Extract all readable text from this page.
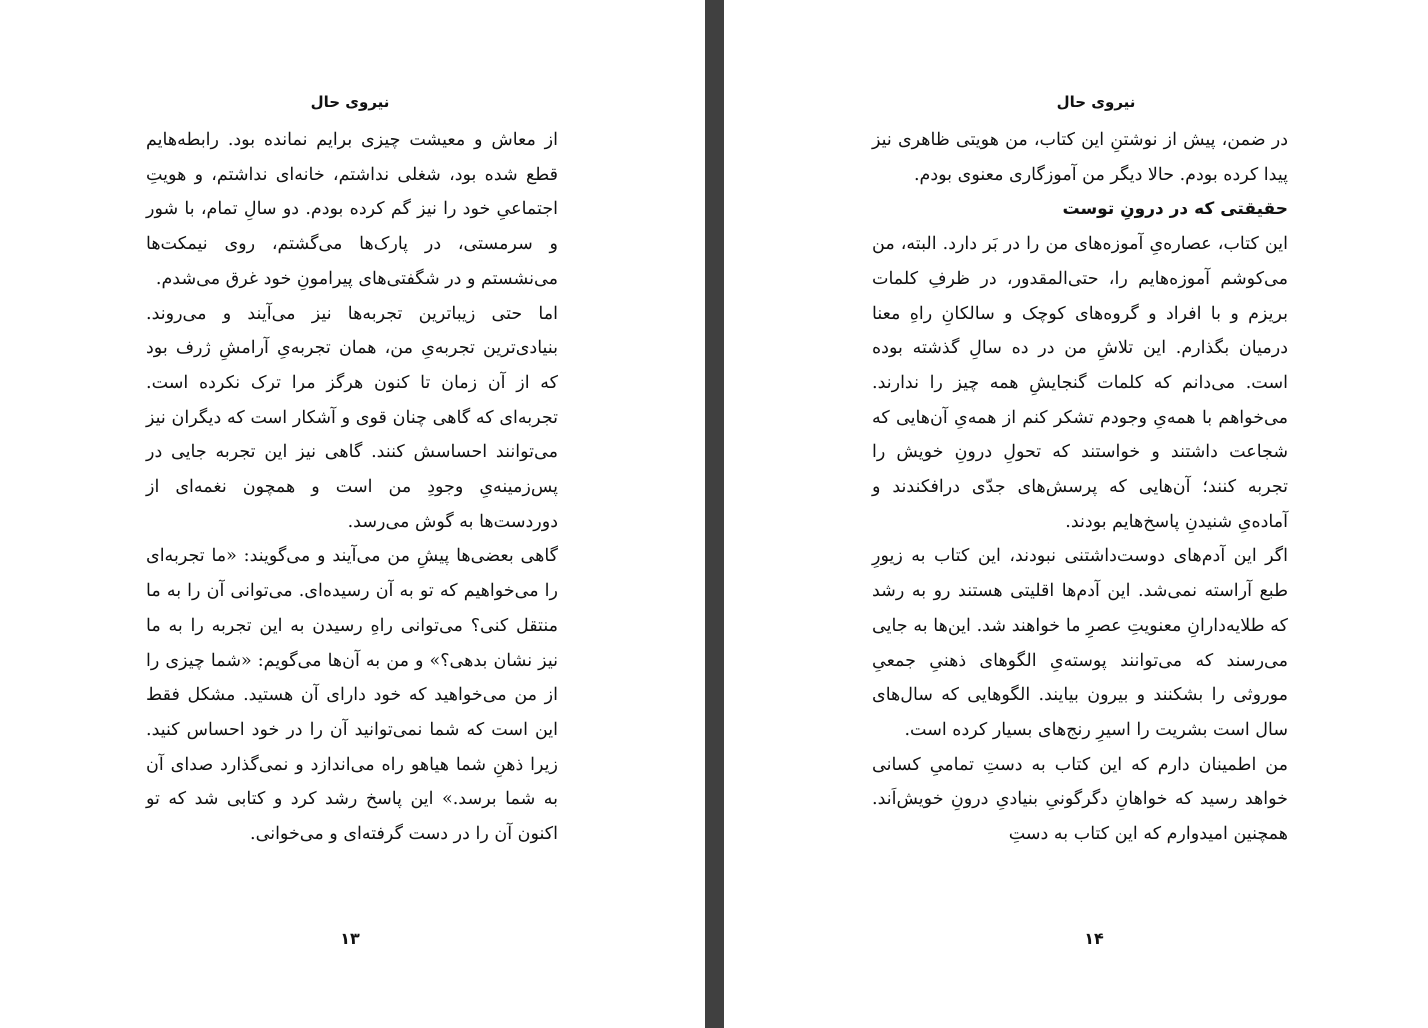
نیروی حال

از معاش و معیشت چیزی برایم نمانده بود. رابطه‌هایم قطع شده بود، شغلی نداشتم، خانه‌ای نداشتم، و هویتِ اجتماعیِ خود را نیز گم کرده بودم. دو سالِ تمام، با شور و سرمستی، در پارک‌ها می‌گشتم، روی نیمکت‌ها می‌نشستم و در شگفتی‌های پیرامونِ خود غرق می‌شدم.

اما حتی زیباترین تجربه‌ها نیز می‌آیند و می‌روند. بنیادی‌ترین تجربه‌یِ من، همان تجربه‌یِ آرامشِ ژرف بود که از آن زمان تا کنون هرگز مرا ترک نکرده است. تجربه‌ای که گاهی چنان قوی و آشکار است که دیگران نیز می‌توانند احساسش کنند. گاهی نیز این تجربه جایی در پس‌زمینه‌یِ وجودِ من است و همچون نغمه‌ای از دوردست‌ها به گوش می‌رسد.

گاهی بعضی‌ها پیشِ من می‌آیند و می‌گویند: «ما تجربه‌ای را می‌خواهیم که تو به آن رسیده‌ای. می‌توانی آن را به ما منتقل کنی؟ می‌توانی راهِ رسیدن به این تجربه را به ما نیز نشان بدهی؟» و من به آن‌ها می‌گویم: «شما چیزی را از من می‌خواهید که خود دارای آن هستید. مشکل فقط این است که شما نمی‌توانید آن را در خود احساس کنید. زیرا ذهنِ شما هیاهو راه می‌اندازد و نمی‌گذارد صدای آن به شما برسد.» این پاسخ رشد کرد و کتابی شد که تو اکنون آن را در دست گرفته‌ای و می‌خوانی.

۱۳
نیروی حال

در ضمن، پیش از نوشتنِ این کتاب، من هویتی ظاهری نیز پیدا کرده بودم. حالا دیگر من آموزگاری معنوی بودم.

حقیقتی که در درونِ توست

این کتاب، عصاره‌یِ آموزه‌های من را در بَر دارد. البته، من می‌کوشم آموزه‌هایم را، حتی‌المقدور، در ظرفِ کلمات بریزم و با افراد و گروه‌های کوچک و سالکانِ راهِ معنا درمیان بگذارم. این تلاشِ من در ده سالِ گذشته بوده است. می‌دانم که کلمات گنجایشِ همه چیز را ندارند. می‌خواهم با همه‌یِ وجودم تشکر کنم از همه‌یِ آن‌هایی که شجاعت داشتند و خواستند که تحولِ درونِ خویش را تجربه کنند؛ آن‌هایی که پرسش‌های جدّی درافکندند و آماده‌یِ شنیدنِ پاسخ‌هایم بودند.

اگر این آدم‌های دوست‌داشتنی نبودند، این کتاب به زیورِ طبع آراسته نمی‌شد. این آدم‌ها اقلیتی هستند رو به رشد که طلایه‌دارانِ معنویتِ عصرِ ما خواهند شد. این‌ها به جایی می‌رسند که می‌توانند پوسته‌یِ الگوهای ذهنیِ جمعیِ موروثی را بشکنند و بیرون بیایند. الگوهایی که سال‌های سال است بشریت را اسیرِ رنج‌های بسیار کرده است.

من اطمینان دارم که این کتاب به دستِ تمامیِ کسانی خواهد رسید که خواهانِ دگرگونیِ بنیادیِ درونِ خویش‌اَند. همچنین امیدوارم که این کتاب به دستِ

۱۴
